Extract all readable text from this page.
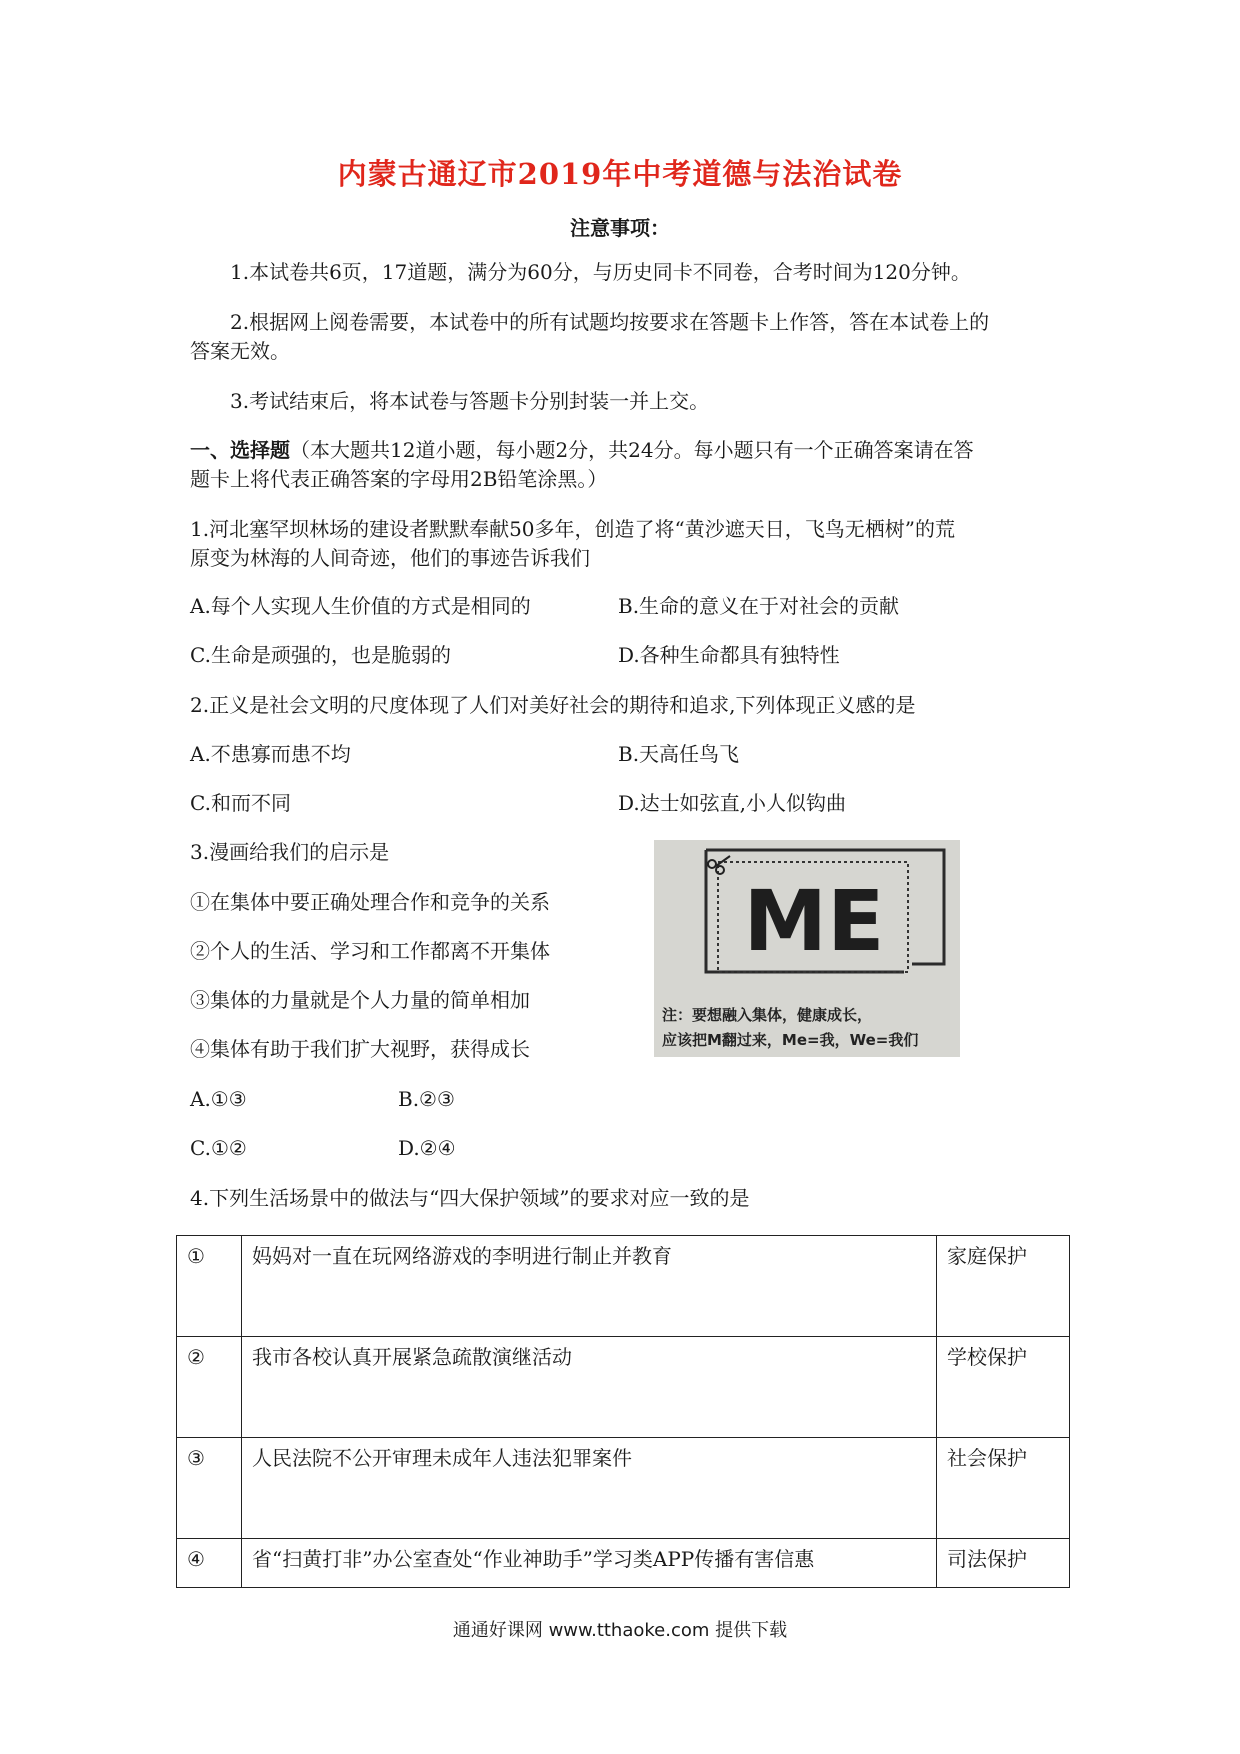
内蒙古通辽市2019年中考道德与法治试卷
注意事项：
1.本试卷共6页，17道题，满分为60分，与历史同卡不同卷，合考时间为120分钟。
2.根据网上阅卷需要，本试卷中的所有试题均按要求在答题卡上作答，答在本试卷上的
答案无效。
3.考试结束后，将本试卷与答题卡分别封装一并上交。
一、选择题（本大题共12道小题，每小题2分，共24分。每小题只有一个正确答案请在答
题卡上将代表正确答案的字母用2B铅笔涂黑。）
1.河北塞罕坝林场的建设者默默奉献50多年，创造了将“黄沙遮天日，飞鸟无栖树”的荒
原变为林海的人间奇迹，他们的事迹告诉我们
A.每个人实现人生价值的方式是相同的	B.生命的意义在于对社会的贡献
C.生命是顽强的，也是脆弱的	D.各种生命都具有独特性
2.正义是社会文明的尺度体现了人们对美好社会的期待和追求,下列体现正义感的是
A.不患寡而患不均	B.天高任鸟飞
C.和而不同	D.达士如弦直,小人似钩曲
3.漫画给我们的启示是
①在集体中要正确处理合作和竞争的关系
②个人的生活、学习和工作都离不开集体
③集体的力量就是个人力量的简单相加
④集体有助于我们扩大视野，获得成长
A.①③	B.②③
C.①②	D.②④
ME
注：要想融入集体，健康成长，
应该把M翻过来，Me=我，We=我们
4.下列生活场景中的做法与“四大保护领域”的要求对应一致的是
①	妈妈对一直在玩网络游戏的李明进行制止并教育	家庭保护
②	我市各校认真开展紧急疏散演继活动	学校保护
③	人民法院不公开审理未成年人违法犯罪案件	社会保护
④	省“扫黄打非”办公室查处“作业神助手”学习类APP传播有害信惠	司法保护
通通好课网 www.tthaoke.com 提供下载
